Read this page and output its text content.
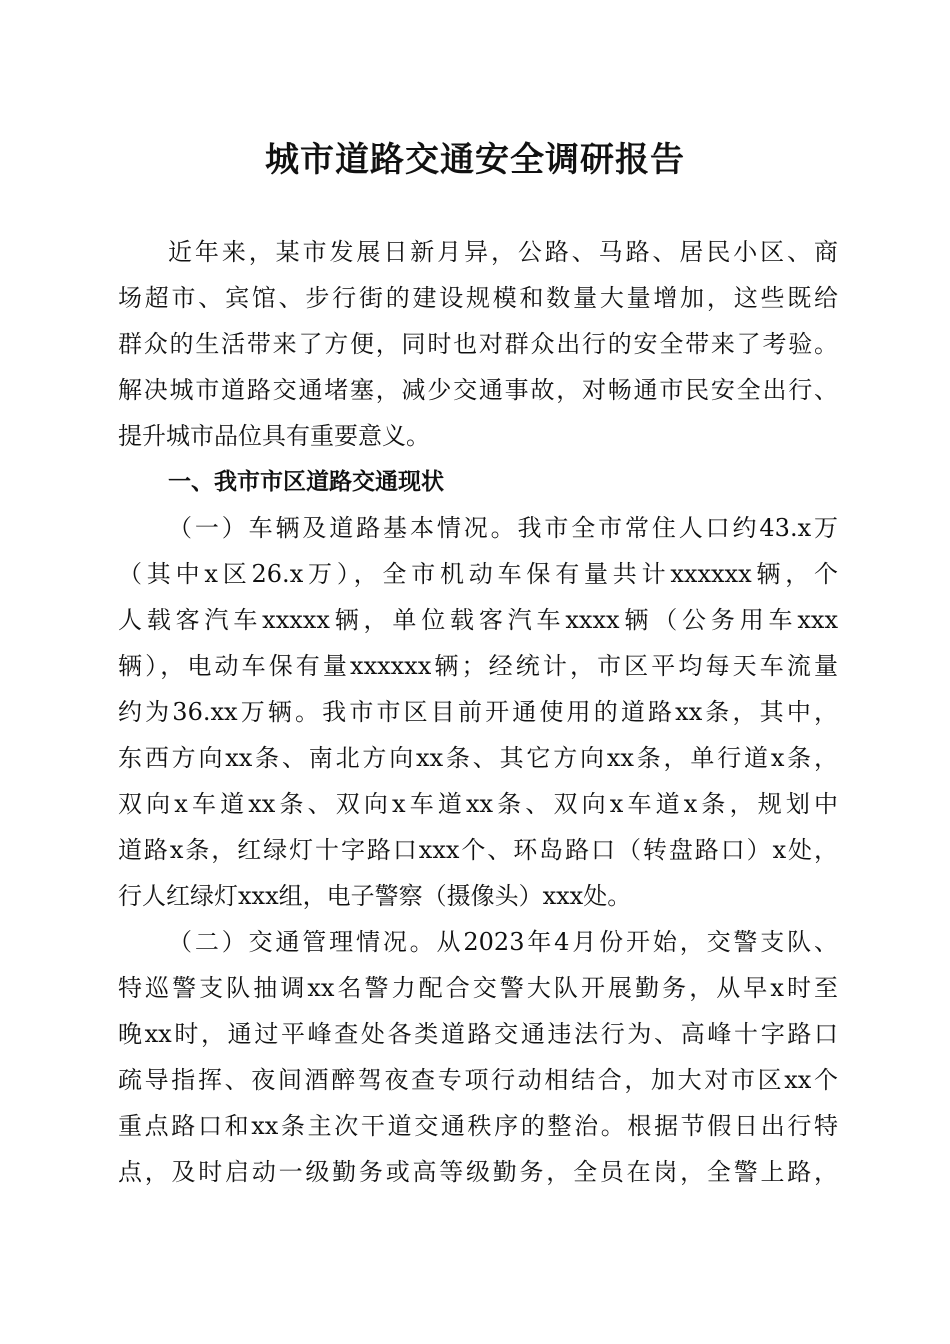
城市道路交通安全调研报告
近年来，某市发展日新月异，公路、马路、居民小区、商
场超市、宾馆、步行街的建设规模和数量大量增加，这些既给
群众的生活带来了方便，同时也对群众出行的安全带来了考验。
解决城市道路交通堵塞，减少交通事故，对畅通市民安全出行、
提升城市品位具有重要意义。
一、我市市区道路交通现状
（一）车辆及道路基本情况。我市全市常住人口约43.x万
（其中x区26.x万），全市机动车保有量共计xxxxxx辆，个
人载客汽车xxxxx辆，单位载客汽车xxxx辆（公务用车xxx
辆），电动车保有量xxxxxx辆；经统计，市区平均每天车流量
约为36.xx万辆。我市市区目前开通使用的道路xx条，其中，
东西方向xx条、南北方向xx条、其它方向xx条，单行道x条，
双向x车道xx条、双向x车道xx条、双向x车道x条，规划中
道路x条，红绿灯十字路口xxx个、环岛路口（转盘路口）x处，
行人红绿灯xxx组，电子警察（摄像头）xxx处。
（二）交通管理情况。从2023年4月份开始，交警支队、
特巡警支队抽调xx名警力配合交警大队开展勤务，从早x时至
晚xx时，通过平峰查处各类道路交通违法行为、高峰十字路口
疏导指挥、夜间酒醉驾夜查专项行动相结合，加大对市区xx个
重点路口和xx条主次干道交通秩序的整治。根据节假日出行特
点，及时启动一级勤务或高等级勤务，全员在岗，全警上路，
